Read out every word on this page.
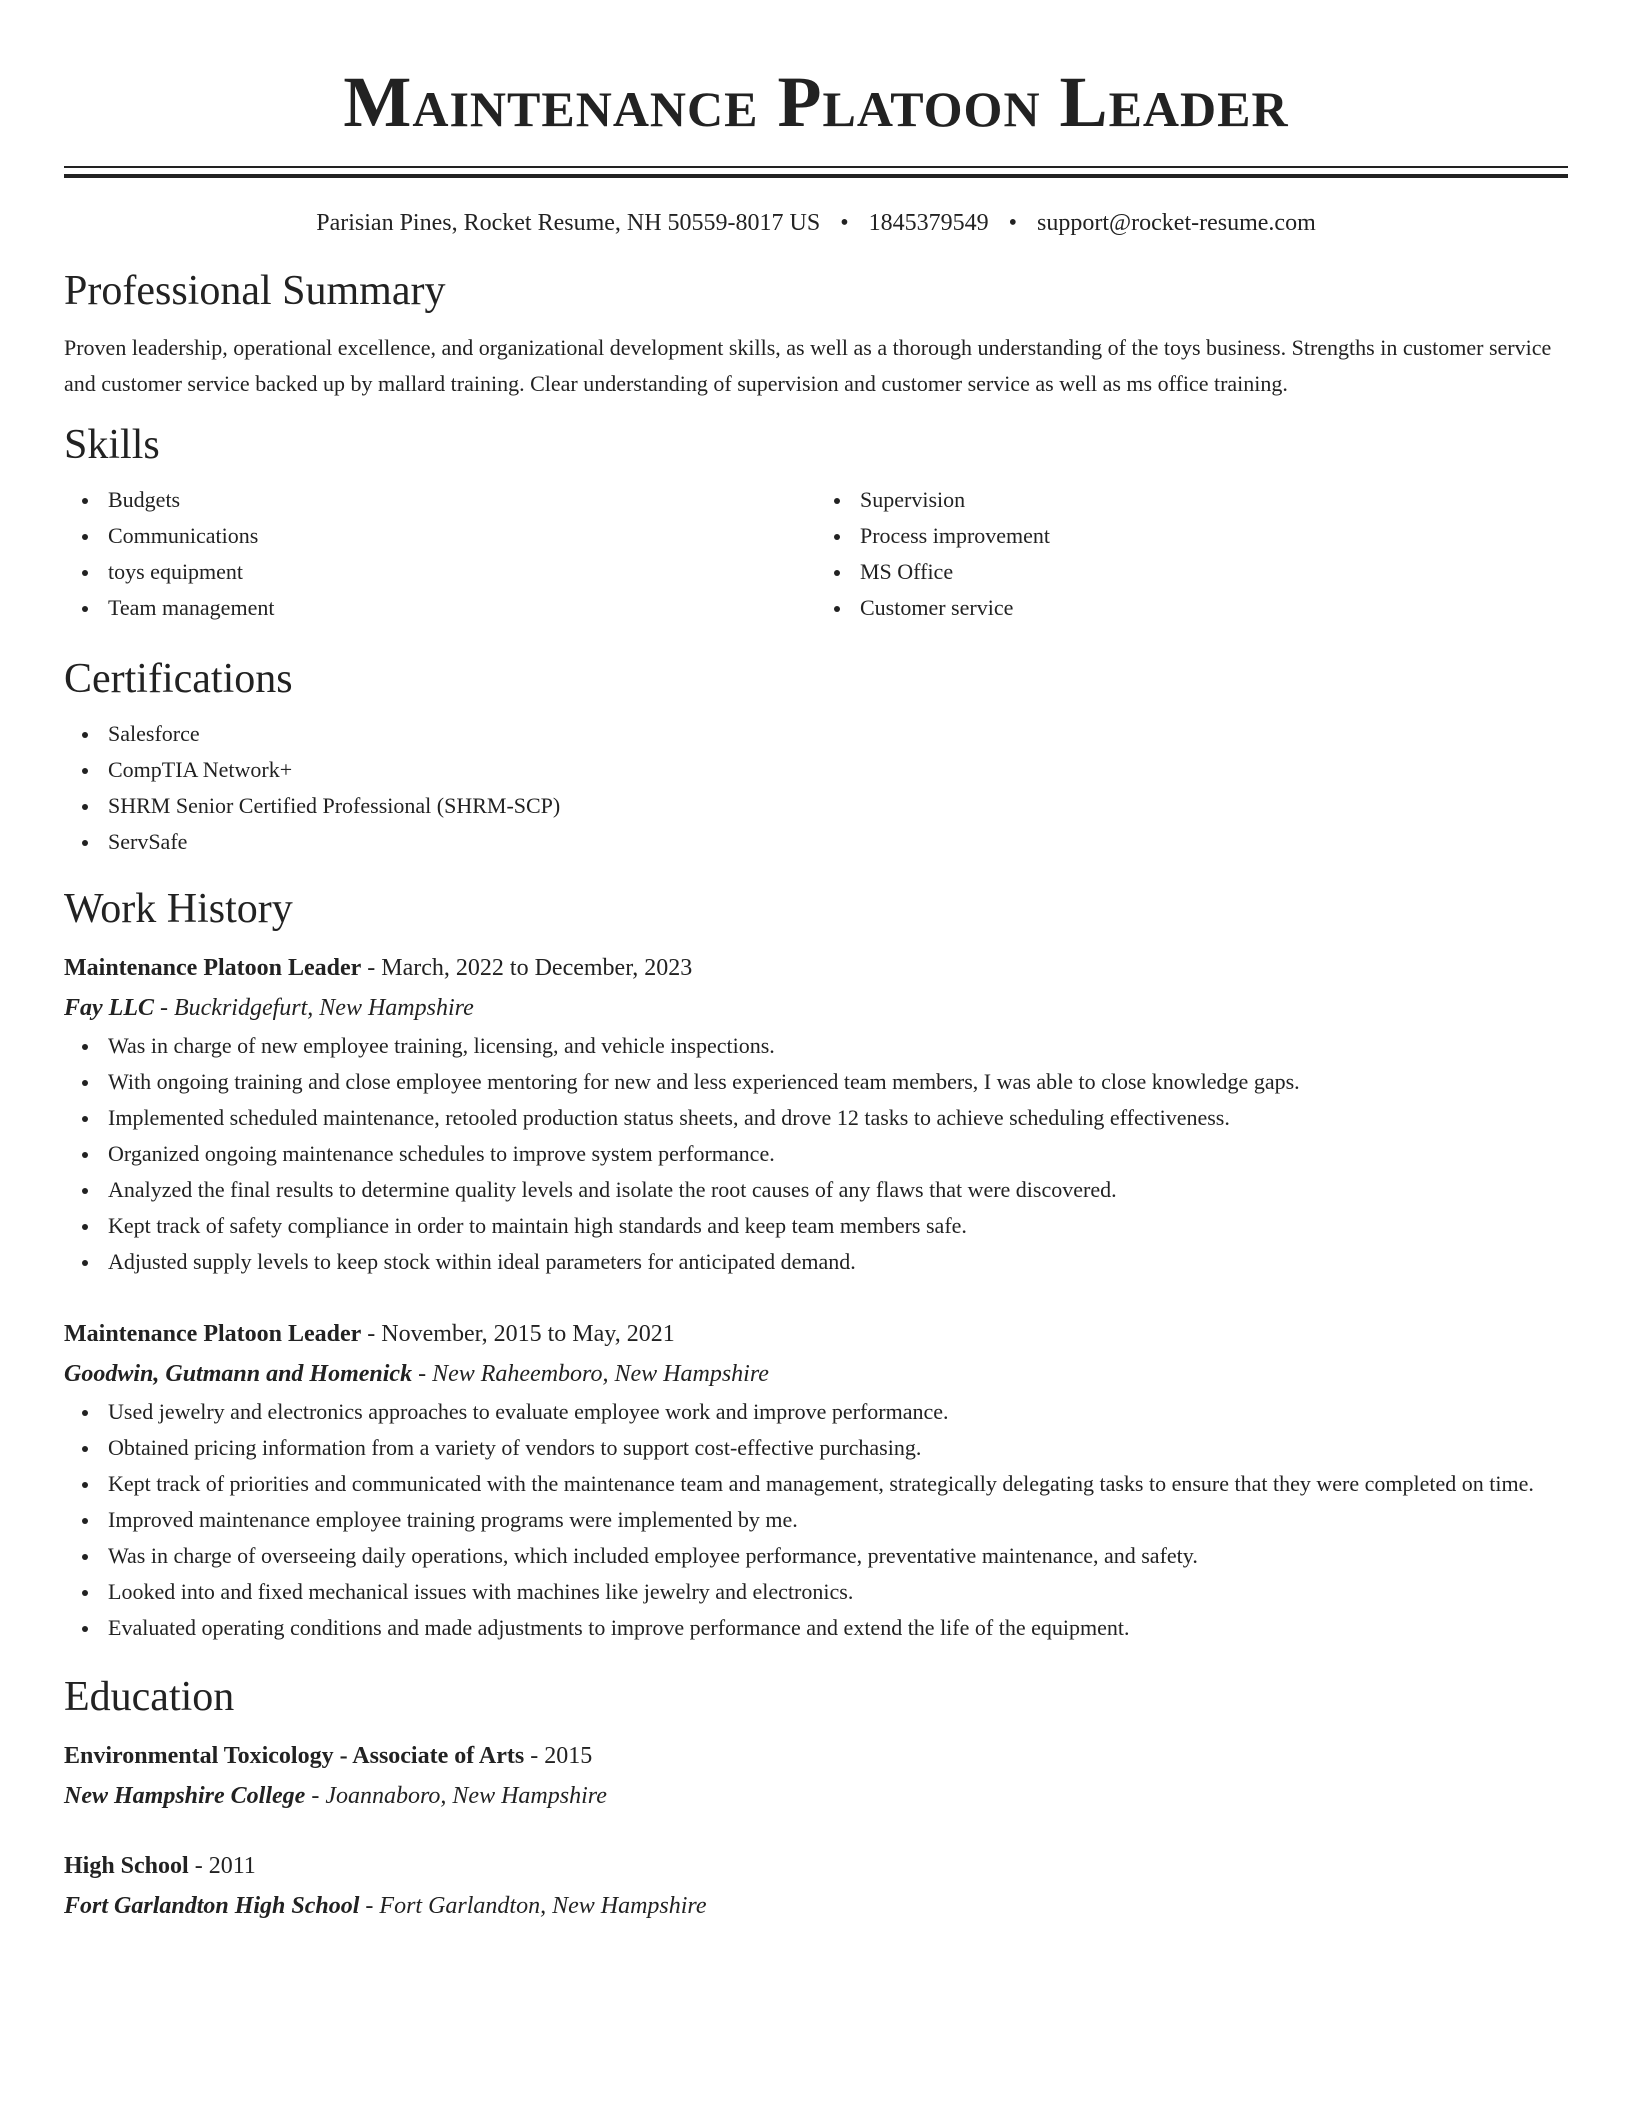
Maintenance Platoon Leader
Parisian Pines, Rocket Resume, NH 50559-8017 US • 1845379549 • support@rocket-resume.com
Professional Summary

Proven leadership, operational excellence, and organizational development skills, as well as a thorough understanding of the toys business. Strengths in customer service and customer service backed up by mallard training. Clear understanding of supervision and customer service as well as ms office training.

Skills
Budgets
Communications
toys equipment
Team management
Supervision
Process improvement
MS Office
Customer service
Certifications
Salesforce
CompTIA Network+
SHRM Senior Certified Professional (SHRM-SCP)
ServSafe
Work History
Maintenance Platoon Leader - March, 2022 to December, 2023
Fay LLC - Buckridgefurt, New Hampshire
Was in charge of new employee training, licensing, and vehicle inspections.
With ongoing training and close employee mentoring for new and less experienced team members, I was able to close knowledge gaps.
Implemented scheduled maintenance, retooled production status sheets, and drove 12 tasks to achieve scheduling effectiveness.
Organized ongoing maintenance schedules to improve system performance.
Analyzed the final results to determine quality levels and isolate the root causes of any flaws that were discovered.
Kept track of safety compliance in order to maintain high standards and keep team members safe.
Adjusted supply levels to keep stock within ideal parameters for anticipated demand.
Maintenance Platoon Leader - November, 2015 to May, 2021
Goodwin, Gutmann and Homenick - New Raheemboro, New Hampshire
Used jewelry and electronics approaches to evaluate employee work and improve performance.
Obtained pricing information from a variety of vendors to support cost-effective purchasing.
Kept track of priorities and communicated with the maintenance team and management, strategically delegating tasks to ensure that they were completed on time.
Improved maintenance employee training programs were implemented by me.
Was in charge of overseeing daily operations, which included employee performance, preventative maintenance, and safety.
Looked into and fixed mechanical issues with machines like jewelry and electronics.
Evaluated operating conditions and made adjustments to improve performance and extend the life of the equipment.
Education
Environmental Toxicology - Associate of Arts - 2015
New Hampshire College - Joannaboro, New Hampshire
High School - 2011
Fort Garlandton High School - Fort Garlandton, New Hampshire
